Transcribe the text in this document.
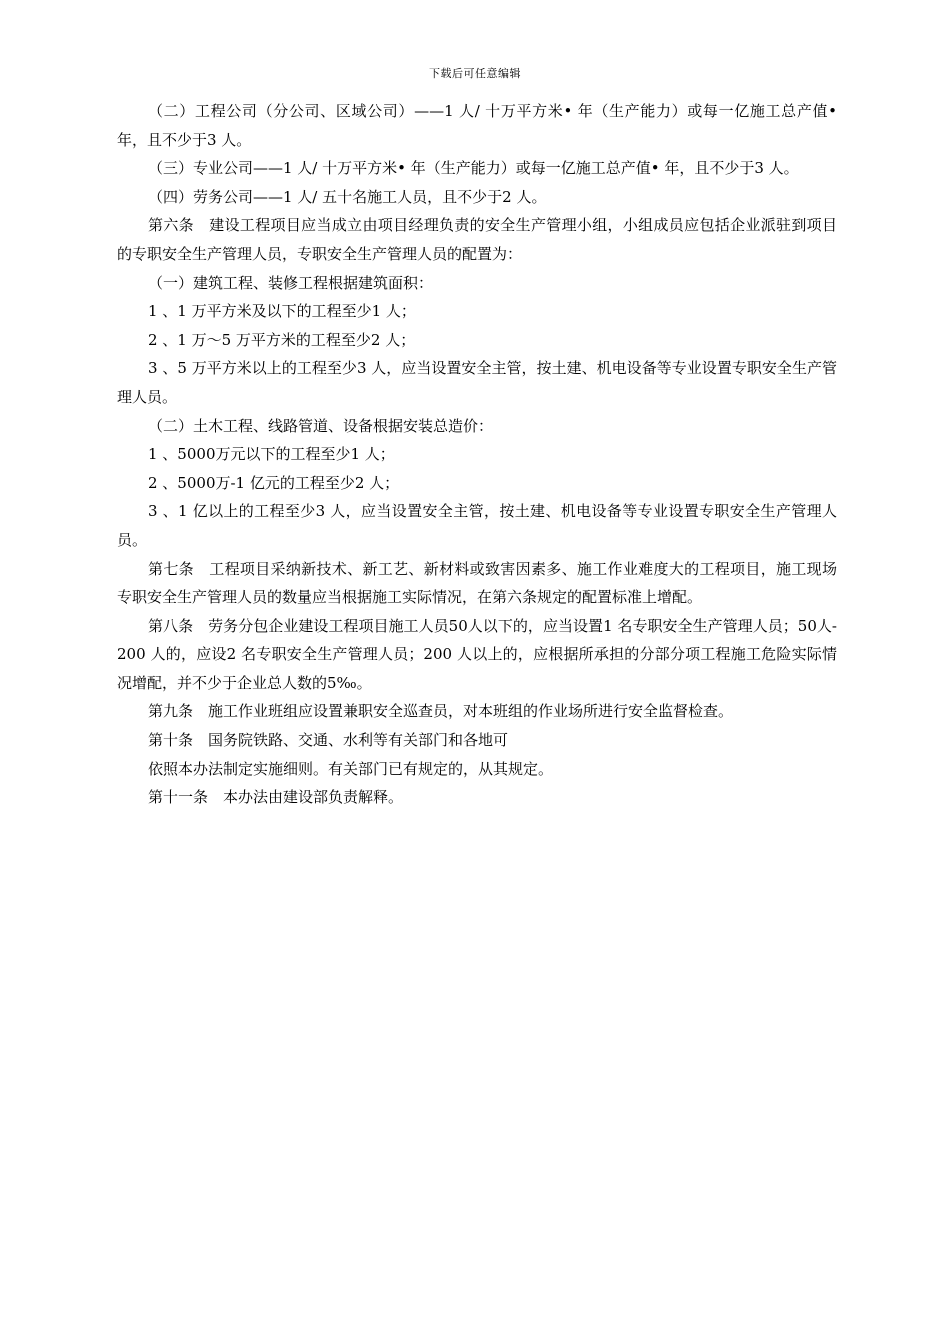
下载后可任意编辑

（二）工程公司（分公司、区域公司）——1 人/ 十万平方米• 年（生产能力）或每一亿施工总产值• 年，且不少于3 人。

（三）专业公司——1 人/ 十万平方米• 年（生产能力）或每一亿施工总产值• 年，且不少于3 人。

（四）劳务公司——1 人/ 五十名施工人员，且不少于2 人。

第六条　建设工程项目应当成立由项目经理负责的安全生产管理小组，小组成员应包括企业派驻到项目的专职安全生产管理人员，专职安全生产管理人员的配置为：

（一）建筑工程、装修工程根据建筑面积：

1 、1 万平方米及以下的工程至少1 人；

2 、1 万～5 万平方米的工程至少2 人；

3 、5 万平方米以上的工程至少3 人，应当设置安全主管，按土建、机电设备等专业设置专职安全生产管理人员。

（二）土木工程、线路管道、设备根据安装总造价：

1 、5000万元以下的工程至少1 人；

2 、5000万-1 亿元的工程至少2 人；

3 、1 亿以上的工程至少3 人，应当设置安全主管，按土建、机电设备等专业设置专职安全生产管理人员。

第七条　工程项目采纳新技术、新工艺、新材料或致害因素多、施工作业难度大的工程项目，施工现场专职安全生产管理人员的数量应当根据施工实际情况，在第六条规定的配置标准上增配。

第八条　劳务分包企业建设工程项目施工人员50人以下的，应当设置1 名专职安全生产管理人员；50人-200 人的，应设2 名专职安全生产管理人员；200 人以上的，应根据所承担的分部分项工程施工危险实际情况增配，并不少于企业总人数的5‰。

第九条　施工作业班组应设置兼职安全巡查员，对本班组的作业场所进行安全监督检查。

第十条　国务院铁路、交通、水利等有关部门和各地可

依照本办法制定实施细则。有关部门已有规定的，从其规定。

第十一条　本办法由建设部负责解释。
